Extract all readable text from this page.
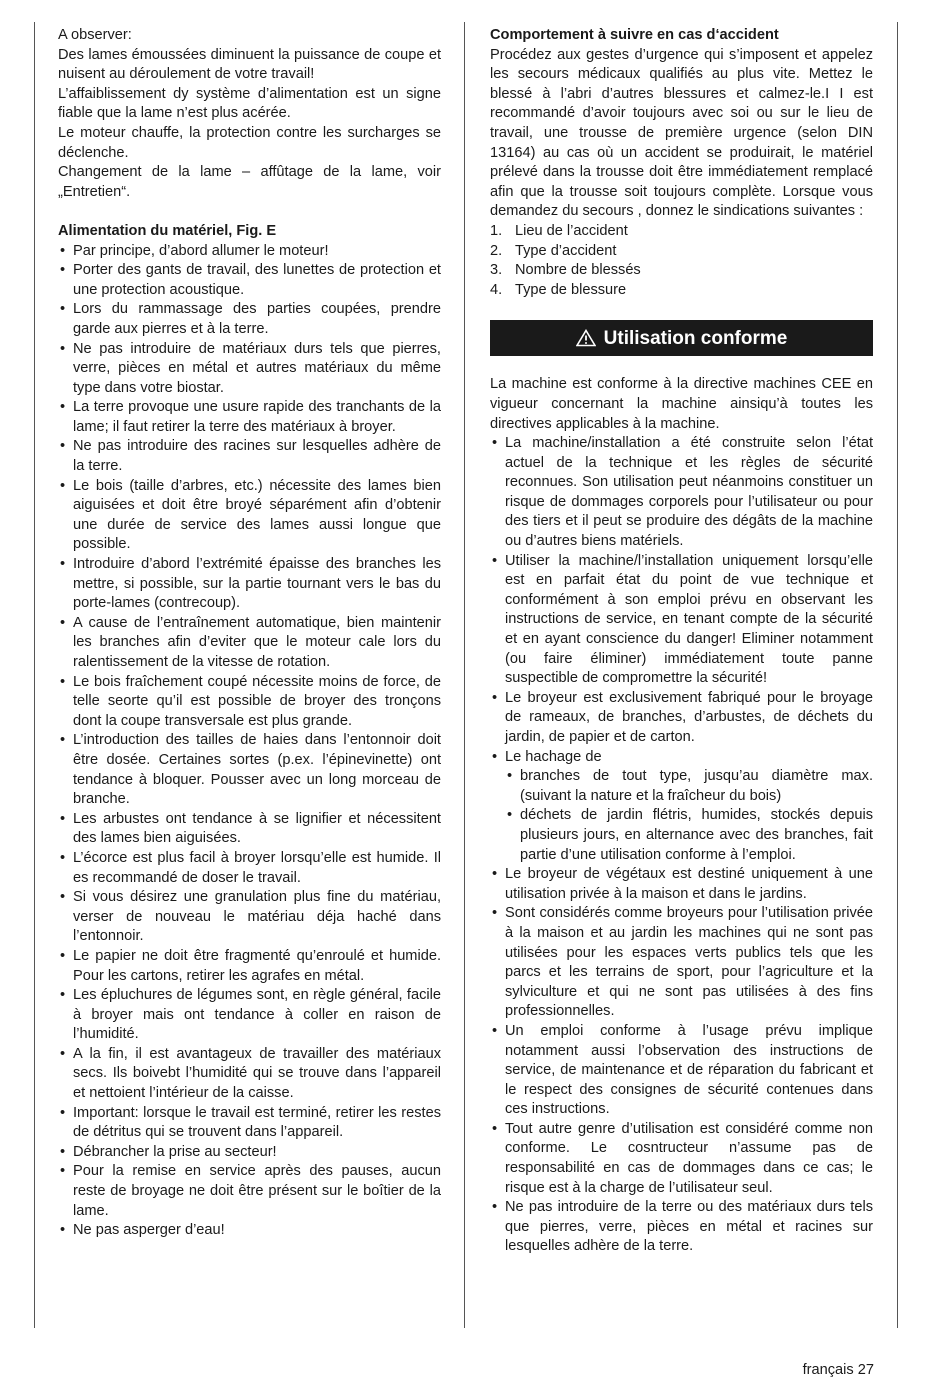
A observer:

Des lames émoussées diminuent la puissance de coupe et nuisent au déroulement de votre travail!

L’affaiblissement dy système d’alimentation est un signe fiable que la lame n’est plus acérée.

Le moteur chauffe, la protection contre les surcharges se déclenche.

Changement de la lame – affûtage de la lame, voir „Entretien“.

Alimentation du matériel, Fig. E

• Par principe, d’abord allumer le moteur!
• Porter des gants de travail, des lunettes de protection et une protection acoustique.
• Lors du rammassage des parties coupées, prendre garde aux pierres et à la terre.
• Ne pas introduire de matériaux durs tels que pierres, verre, pièces en métal et autres matériaux du même type dans votre biostar.
• La terre provoque une usure rapide des tranchants de la lame; il faut retirer la terre des matériaux à broyer.
• Ne pas introduire des racines sur lesquelles adhère de la terre.
• Le bois (taille d’arbres, etc.) nécessite des lames bien aiguisées et doit être broyé séparément afin d’obtenir une durée de service des lames aussi longue que possible.
• Introduire d’abord l’extrémité épaisse des branches les mettre, si possible, sur la partie tournant vers le bas du porte-lames (contrecoup).
• A cause de l’entraînement automatique, bien maintenir les branches afin d’eviter que le moteur cale lors du ralentissement de la vitesse de rotation.
• Le bois fraîchement coupé nécessite moins de force, de telle seorte qu’il est possible de broyer des tronçons dont la coupe transversale est plus grande.
• L’introduction des tailles de haies dans l’entonnoir doit être dosée. Certaines sortes (p.ex. l’épinevinette) ont tendance à bloquer. Pousser avec un long morceau de branche.
• Les arbustes ont tendance à se lignifier et nécessitent des lames bien aiguisées.
• L’écorce est plus facil à broyer lorsqu’elle est humide. Il es recommandé de doser le travail.
• Si vous désirez une granulation plus fine du matériau, verser de nouveau le matériau déja haché dans l’entonnoir.
• Le papier ne doit être fragmenté qu’enroulé et humide. Pour les cartons, retirer les agrafes en métal.
• Les épluchures de légumes sont, en règle général, facile à broyer mais ont tendance à coller en raison de l’humidité.
• A la fin, il est avantageux de travailler des matériaux secs. Ils boivebt l’humidité qui se trouve dans l’appareil et nettoient l’intérieur de la caisse.
• Important: lorsque le travail est terminé, retirer les restes de détritus qui se trouvent dans l’appareil.
• Débrancher la prise au secteur!
• Pour la remise en service après des pauses, aucun reste de broyage ne doit être présent sur le boîtier de la lame.
• Ne pas asperger d’eau!

Comportement à suivre en cas d‘accident

Procédez aux gestes d’urgence qui s’imposent et appelez les secours médicaux qualifiés au plus vite. Mettez le blessé à l’abri d’autres blessures et calmez-le.I I est recommandé d’avoir toujours avec soi ou sur le lieu de travail, une trousse de première urgence (selon DIN 13164) au cas où un accident se produirait, le matériel prélevé dans la trousse doit être immédiatement remplacé afin que la trousse soit toujours complète. Lorsque vous demandez du secours , donnez le sindications suivantes :

1. Lieu de l’accident
2. Type d’accident
3. Nombre de blessés
4. Type de blessure
Utilisation conforme

La machine est conforme à la directive machines CEE en vigueur concernant la machine ainsiqu’à toutes les directives applicables à la machine.

• La machine/installation a été construite selon l’état actuel de la technique et les règles de sécurité reconnues. Son utilisation peut néanmoins constituer un risque de dommages corporels pour l’utilisateur ou pour des tiers et il peut se produire des dégâts de la machine ou d’autres biens matériels.
• Utiliser la machine/l’installation uniquement lorsqu’elle est en parfait état du point de vue technique et conformément à son emploi prévu en observant les instructions de service, en tenant compte de la sécurité et en ayant conscience du danger! Eliminer notamment (ou faire éliminer) immédiatement toute panne suspectible de compromettre la sécurité!
• Le broyeur est exclusivement fabriqué pour le broyage de rameaux, de branches, d’arbustes, de déchets du jardin, de papier et de carton.
• Le hachage de
• branches de tout type, jusqu’au diamètre max. (suivant la nature et la fraîcheur du bois)
• déchets de jardin flétris, humides, stockés depuis plusieurs jours, en alternance avec des branches, fait partie d’une utilisation conforme à l’emploi.
• Le broyeur de végétaux est destiné uniquement à une utilisation privée à la maison et dans le jardins.
• Sont considérés comme broyeurs pour l’utilisation privée à la maison et au jardin les machines qui ne sont pas utilisées pour les espaces verts publics tels que les parcs et les terrains de sport, pour l’agriculture et la sylviculture et qui ne sont pas utilisées à des fins professionnelles.
• Un emploi conforme à l’usage prévu implique notamment aussi l’observation des instructions de service, de maintenance et de réparation du fabricant et le respect des consignes de sécurité contenues dans ces instructions.
• Tout autre genre d’utilisation est considéré comme non conforme. Le cosntructeur n’assume pas de responsabilité en cas de dommages dans ce cas; le risque est à la charge de l’utilisateur seul.
• Ne pas introduire de la terre ou des matériaux durs tels que pierres, verre, pièces en métal et racines sur lesquelles adhère de la terre.
français 27
